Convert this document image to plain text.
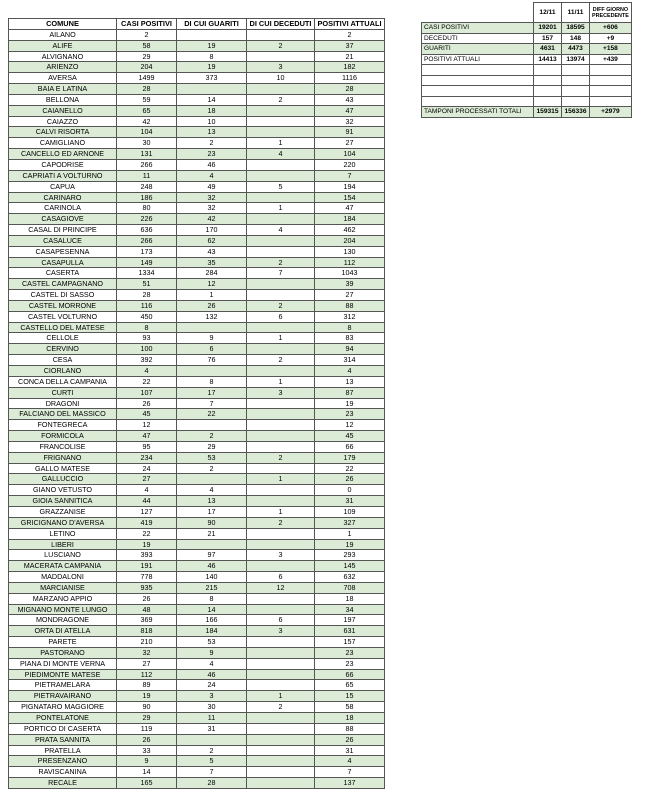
COMUNE	CASI POSITIVI	DI CUI GUARITI	DI CUI DECEDUTI	POSITIVI ATTUALI
AILANO	2			2
ALIFE	58	19	2	37
ALVIGNANO	29	8		21
ARIENZO	204	19	3	182
AVERSA	1499	373	10	1116
BAIA E LATINA	28			28
BELLONA	59	14	2	43
CAIANELLO	65	18		47
CAIAZZO	42	10		32
CALVI RISORTA	104	13		91
CAMIGLIANO	30	2	1	27
CANCELLO ED ARNONE	131	23	4	104
CAPODRISE	266	46		220
CAPRIATI A VOLTURNO	11	4		7
CAPUA	248	49	5	194
CARINARO	186	32		154
CARINOLA	80	32	1	47
CASAGIOVE	226	42		184
CASAL DI PRINCIPE	636	170	4	462
CASALUCE	266	62		204
CASAPESENNA	173	43		130
CASAPULLA	149	35	2	112
CASERTA	1334	284	7	1043
CASTEL CAMPAGNANO	51	12		39
CASTEL DI SASSO	28	1		27
CASTEL MORRONE	116	26	2	88
CASTEL VOLTURNO	450	132	6	312
CASTELLO DEL MATESE	8			8
CELLOLE	93	9	1	83
CERVINO	100	6		94
CESA	392	76	2	314
CIORLANO	4			4
CONCA DELLA CAMPANIA	22	8	1	13
CURTI	107	17	3	87
DRAGONI	26	7		19
FALCIANO DEL MASSICO	45	22		23
FONTEGRECA	12			12
FORMICOLA	47	2		45
FRANCOLISE	95	29		66
FRIGNANO	234	53	2	179
GALLO MATESE	24	2		22
GALLUCCIO	27		1	26
GIANO VETUSTO	4	4		0
GIOIA SANNITICA	44	13		31
GRAZZANISE	127	17	1	109
GRICIGNANO D'AVERSA	419	90	2	327
LETINO	22	21		1
LIBERI	19			19
LUSCIANO	393	97	3	293
MACERATA CAMPANIA	191	46		145
MADDALONI	778	140	6	632
MARCIANISE	935	215	12	708
MARZANO APPIO	26	8		18
MIGNANO MONTE LUNGO	48	14		34
MONDRAGONE	369	166	6	197
ORTA DI ATELLA	818	184	3	631
PARETE	210	53		157
PASTORANO	32	9		23
PIANA DI MONTE VERNA	27	4		23
PIEDIMONTE MATESE	112	46		66
PIETRAMELARA	89	24		65
PIETRAVAIRANO	19	3	1	15
PIGNATARO MAGGIORE	90	30	2	58
PONTELATONE	29	11		18
PORTICO DI CASERTA	119	31		88
PRATA SANNITA	26			26
PRATELLA	33	2		31
PRESENZANO	9	5		4
RAVISCANINA	14	7		7
RECALE	165	28		137
	12/11	11/11	DIFF GIORNO PRECEDENTE
CASI POSITIVI	19201	18595	+606
DECEDUTI	157	148	+9
GUARITI	4631	4473	+158
POSITIVI ATTUALI	14413	13974	+439

TAMPONI PROCESSATI TOTALI	159315	156336	+2979
